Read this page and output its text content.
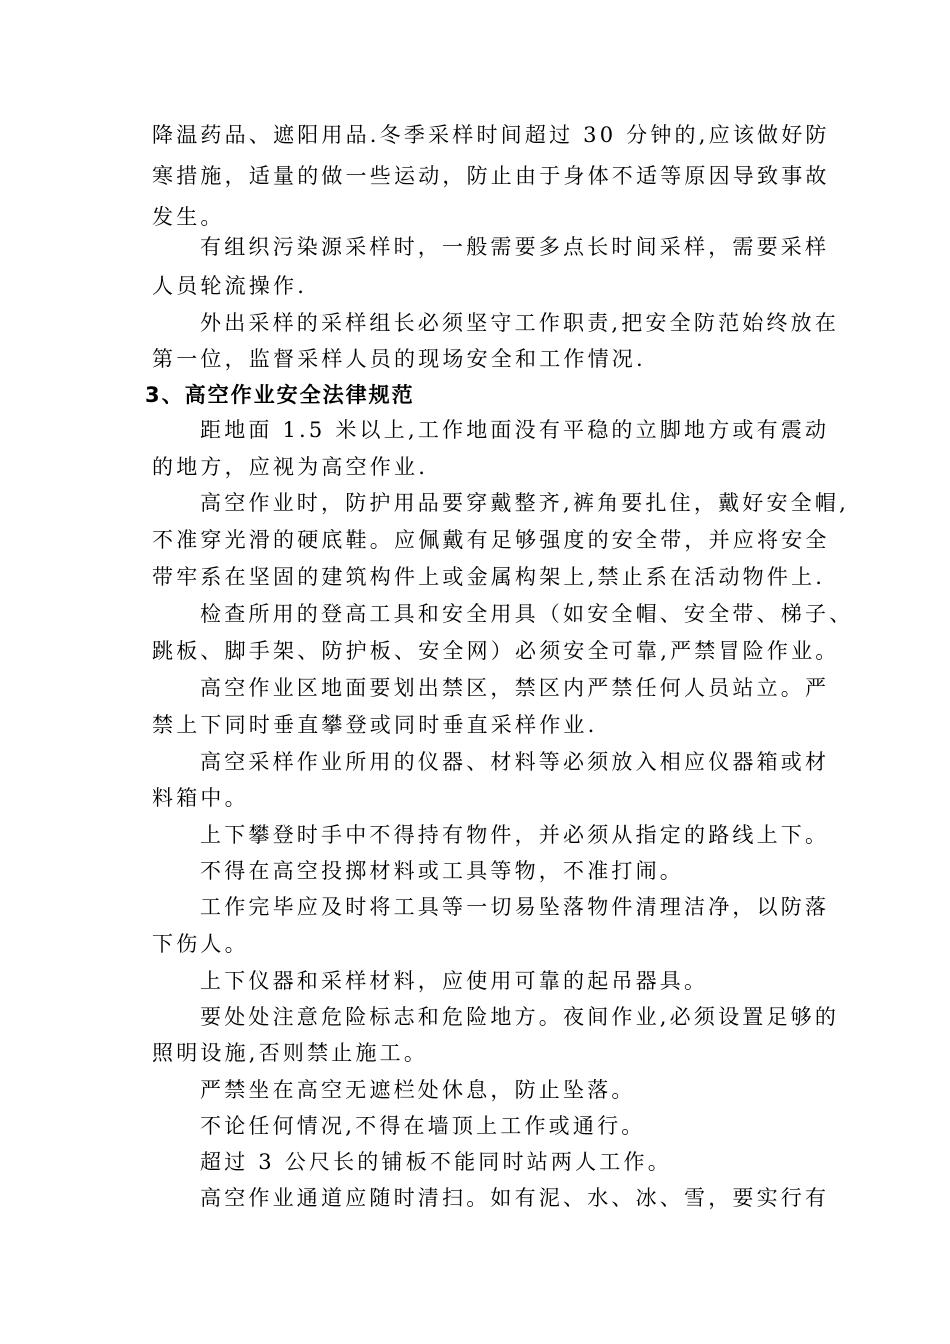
降温药品、遮阳用品.冬季采样时间超过 30 分钟的,应该做好防
寒措施，适量的做一些运动，防止由于身体不适等原因导致事故
发生。
有组织污染源采样时，一般需要多点长时间采样，需要采样
人员轮流操作.
外出采样的采样组长必须坚守工作职责,把安全防范始终放在
第一位，监督采样人员的现场安全和工作情况.
3、高空作业安全法律规范
距地面 1.5 米以上,工作地面没有平稳的立脚地方或有震动
的地方，应视为高空作业.
高空作业时，防护用品要穿戴整齐,裤角要扎住，戴好安全帽,
不准穿光滑的硬底鞋。应佩戴有足够强度的安全带，并应将安全
带牢系在坚固的建筑构件上或金属构架上,禁止系在活动物件上.
检查所用的登高工具和安全用具（如安全帽、安全带、梯子、
跳板、脚手架、防护板、安全网）必须安全可靠,严禁冒险作业。
高空作业区地面要划出禁区，禁区内严禁任何人员站立。严
禁上下同时垂直攀登或同时垂直采样作业.
高空采样作业所用的仪器、材料等必须放入相应仪器箱或材
料箱中。
上下攀登时手中不得持有物件，并必须从指定的路线上下。
不得在高空投掷材料或工具等物，不准打闹。
工作完毕应及时将工具等一切易坠落物件清理洁净，以防落
下伤人。
上下仪器和采样材料，应使用可靠的起吊器具。
要处处注意危险标志和危险地方。夜间作业,必须设置足够的
照明设施,否则禁止施工。
严禁坐在高空无遮栏处休息，防止坠落。
不论任何情况,不得在墙顶上工作或通行。
超过 3 公尺长的铺板不能同时站两人工作。
高空作业通道应随时清扫。如有泥、水、冰、雪，要实行有
